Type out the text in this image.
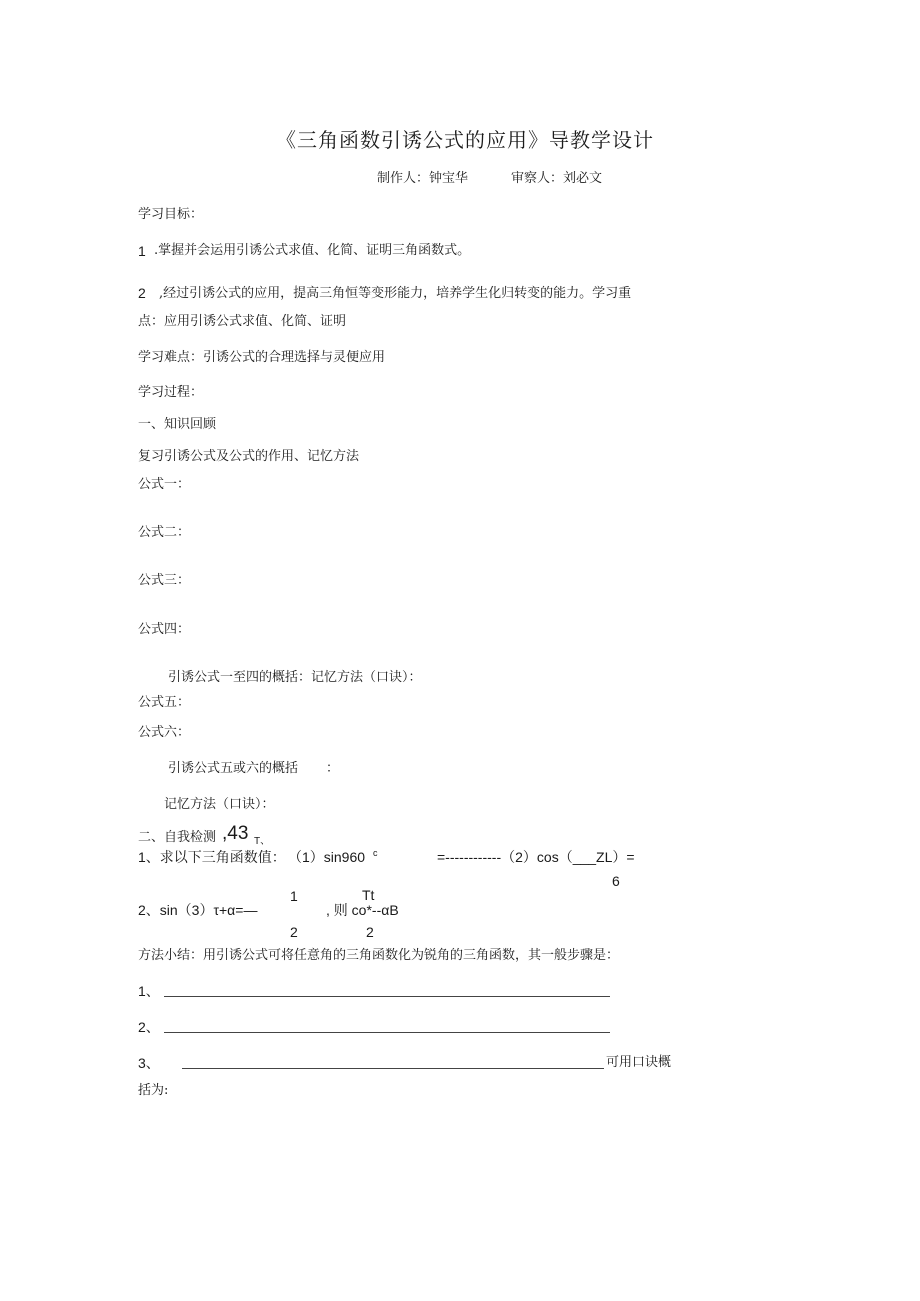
《三角函数引诱公式的应用》导教学设计
制作人：钟宝华	审察人：刘必文
学习目标：
1 .掌握并会运用引诱公式求值、化简、证明三角函数式。
2 ,经过引诱公式的应用，提高三角恒等变形能力，培养学生化归转变的能力。学习重
点：应用引诱公式求值、化简、证明
学习难点：引诱公式的合理选择与灵便应用
学习过程：
一、知识回顾
复习引诱公式及公式的作用、记忆方法
公式一：
公式二：
公式三：
公式四：
引诱公式一至四的概括：记忆方法（口诀）：
公式五：
公式六：
引诱公式五或六的概括 ：
记忆方法（口诀）：
二、自我检测 ,43 T、
1、求以下三角函数值： （1）sin960 c	=------------（2）cos（___ZL）=
6
1	Tt
2、sin（3）τ+α=—	, 则 co*--αB
2	2
方法小结：用引诱公式可将任意角的三角函数化为锐角的三角函数，其一般步骤是：
1、
2、
3、	可用口诀概
括为:
